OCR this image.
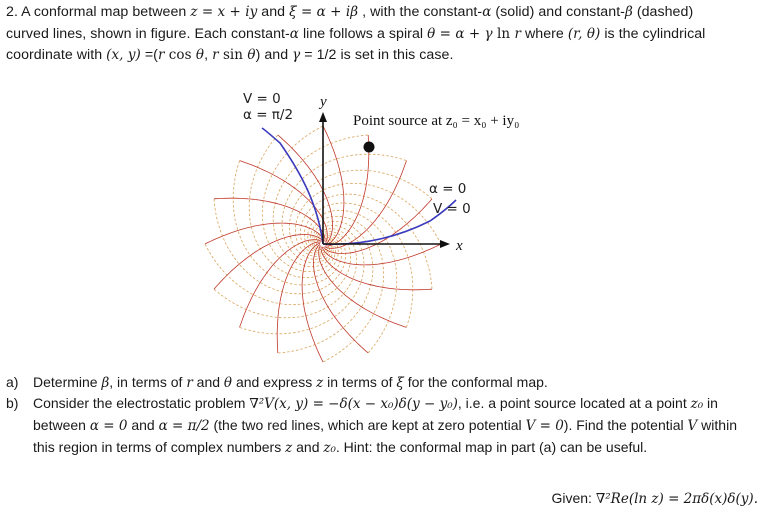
2. A conformal map between z = x + iy and ξ = α + iβ , with the constant-α (solid) and constant-β (dashed)
curved lines, shown in figure. Each constant-α line follows a spiral θ = α + γ ln r where (r, θ) is the cylindrical
coordinate with (x, y) =(r cos θ, r sin θ) and γ = 1/2 is set in this case.
V = 0
α = π/2
y
x
Point source at z₀ = x₀ + iy₀
α = 0
V = 0
a) Determine β, in terms of r and θ and express z in terms of ξ for the conformal map.
b) Consider the electrostatic problem ∇²V(x, y) = −δ(x − x₀)δ(y − y₀), i.e. a point source located at a point z₀ in between α = 0 and α = π/2 (the two red lines, which are kept at zero potential V = 0). Find the potential V within this region in terms of complex numbers z and z₀. Hint: the conformal map in part (a) can be useful.
Given: ∇²Re(ln z) = 2πδ(x)δ(y).
